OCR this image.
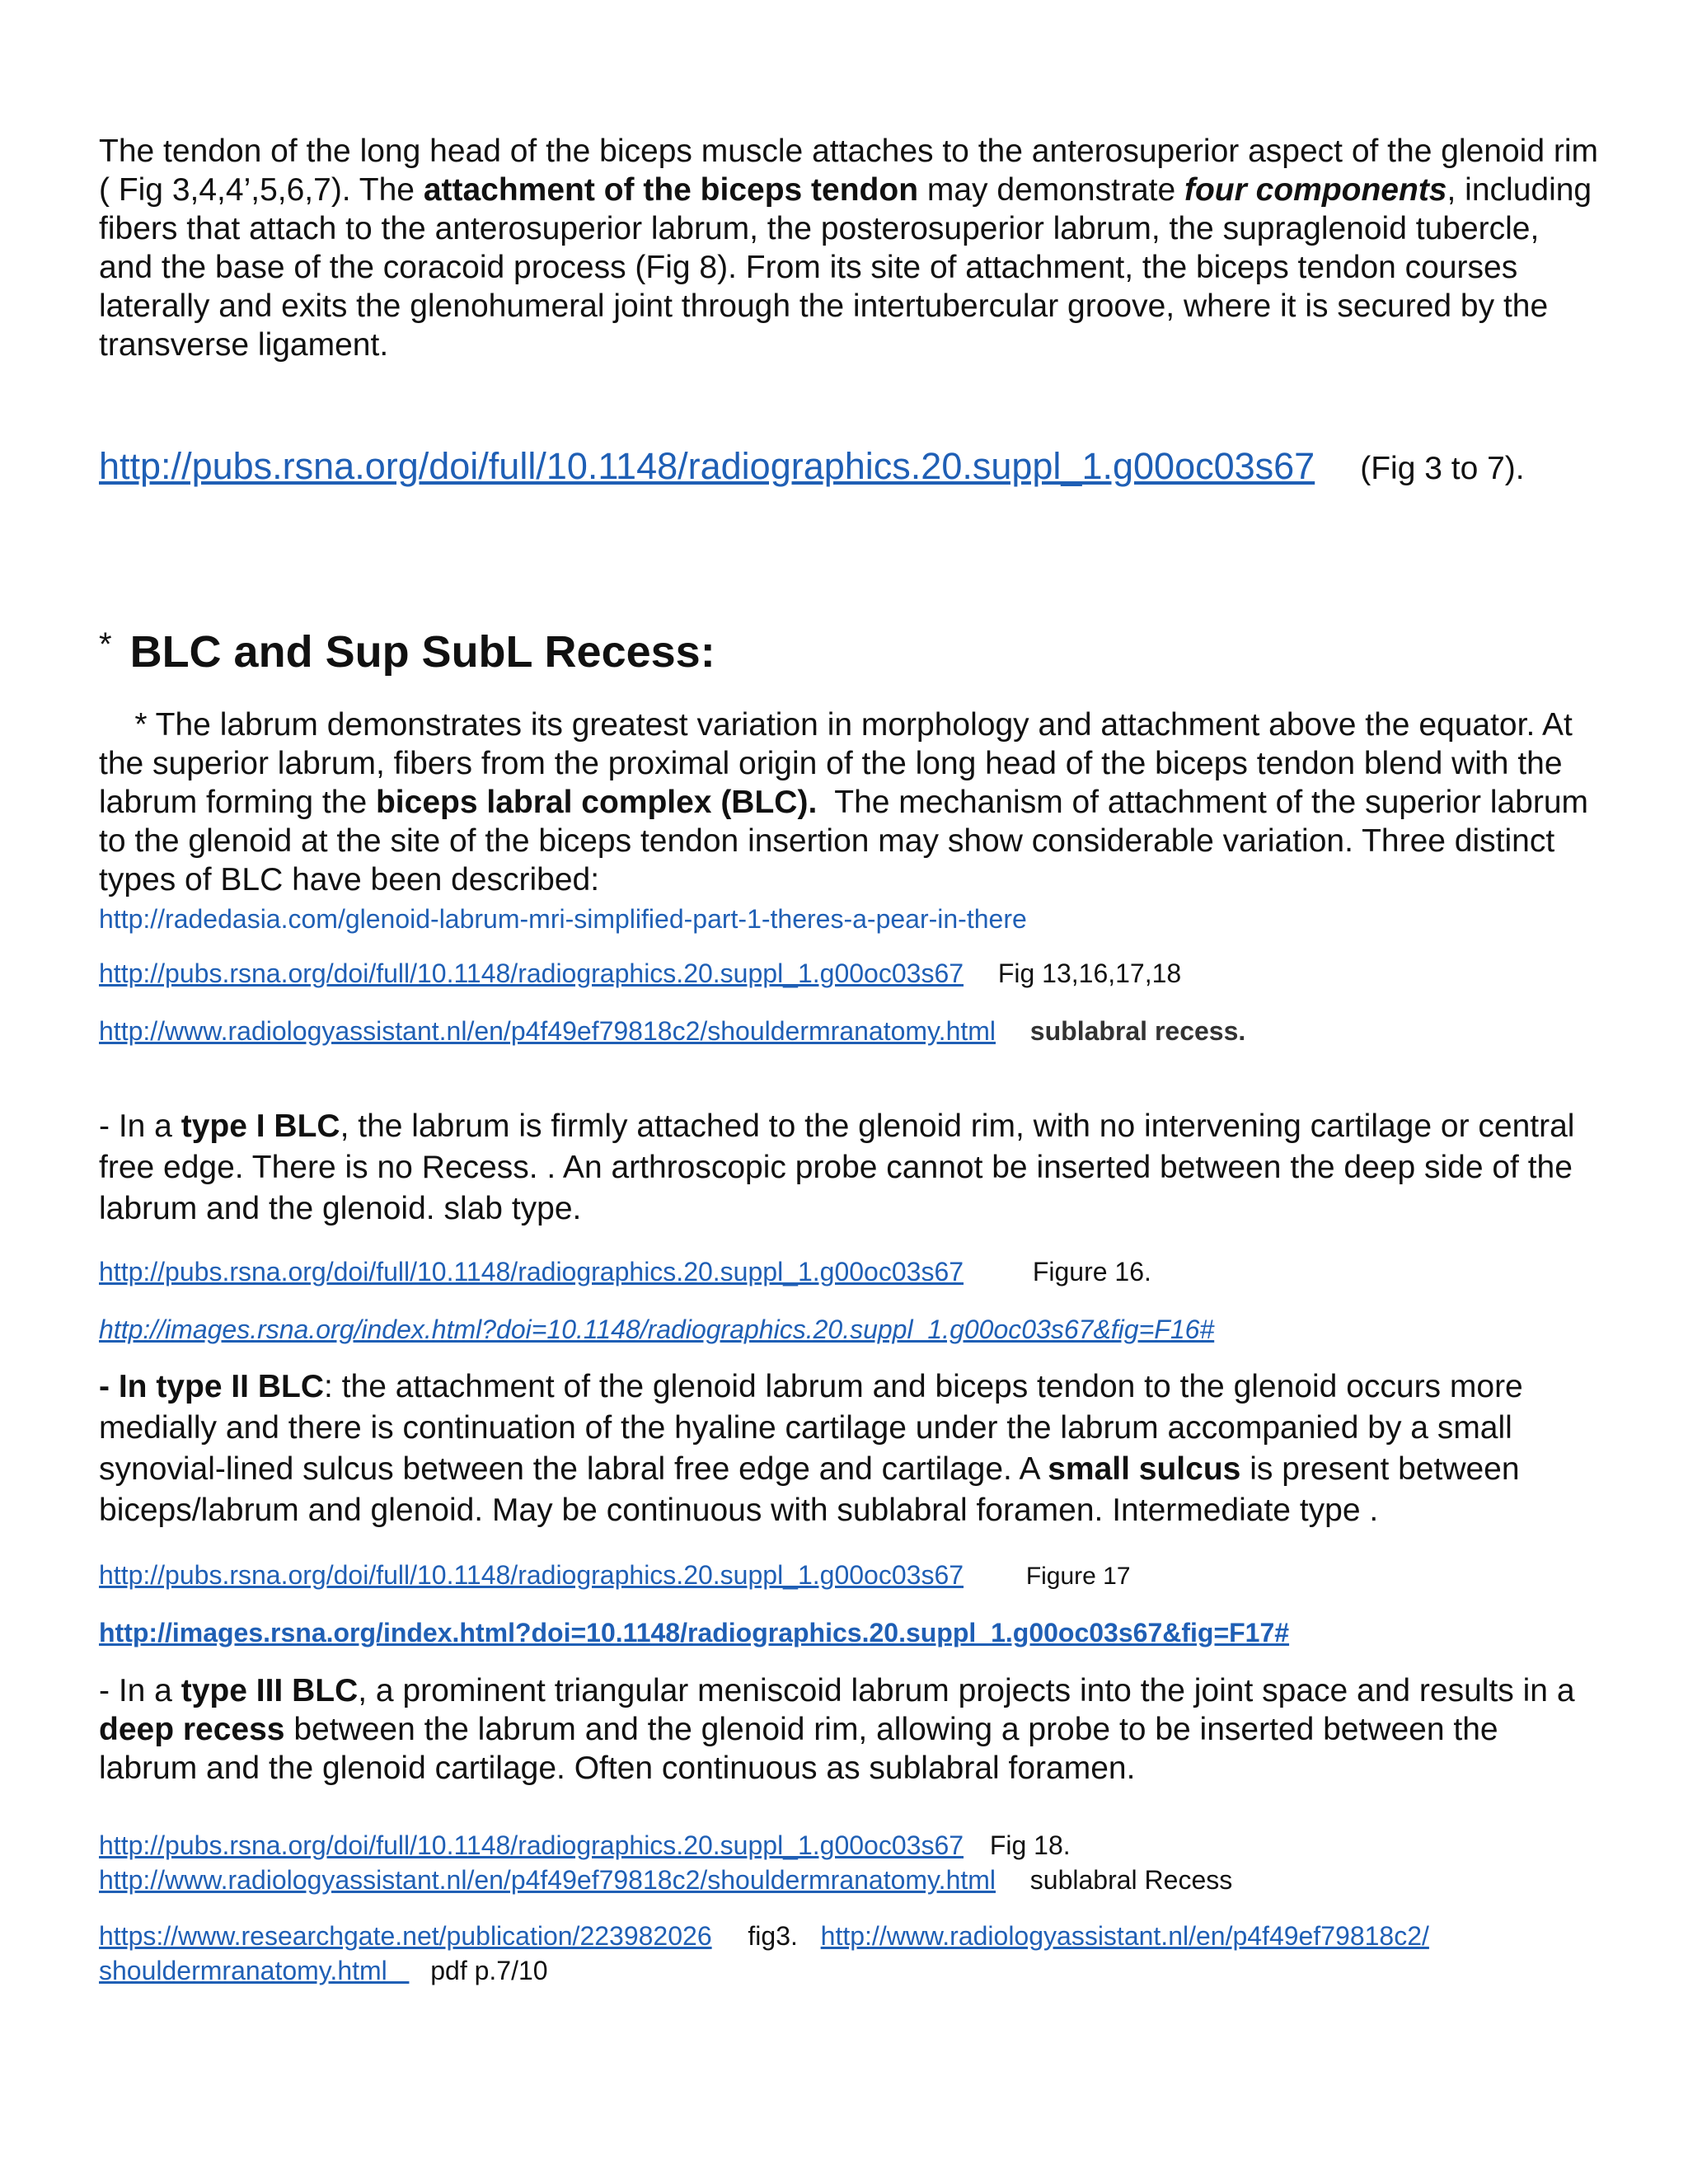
The tendon of the long head of the biceps muscle attaches to the anterosuperior aspect of the glenoid rim ( Fig 3,4,4’,5,6,7). The attachment of the biceps tendon may demonstrate four components, including fibers that attach to the anterosuperior labrum, the posterosuperior labrum, the supraglenoid tubercle, and the base of the coracoid process (Fig 8). From its site of attachment, the biceps tendon courses laterally and exits the glenohumeral joint through the intertubercular groove, where it is secured by the transverse ligament.

http://pubs.rsna.org/doi/full/10.1148/radiographics.20.suppl_1.g00oc03s67 (Fig 3 to 7).
* BLC and Sup SubL Recess:

* The labrum demonstrates its greatest variation in morphology and attachment above the equator. At the superior labrum, fibers from the proximal origin of the long head of the biceps tendon blend with the labrum forming the biceps labral complex (BLC).  The mechanism of attachment of the superior labrum to the glenoid at the site of the biceps tendon insertion may show considerable variation. Three distinct types of BLC have been described:

http://radedasia.com/glenoid-labrum-mri-simplified-part-1-theres-a-pear-in-there
http://pubs.rsna.org/doi/full/10.1148/radiographics.20.suppl_1.g00oc03s67 Fig 13,16,17,18
http://www.radiologyassistant.nl/en/p4f49ef79818c2/shouldermranatomy.html sublabral recess.

- In a type I BLC, the labrum is firmly attached to the glenoid rim, with no intervening cartilage or central free edge. There is no Recess. . An arthroscopic probe cannot be inserted between the deep side of the labrum and the glenoid. slab type.

http://pubs.rsna.org/doi/full/10.1148/radiographics.20.suppl_1.g00oc03s67	Figure 16.
http://images.rsna.org/index.html?doi=10.1148/radiographics.20.suppl_1.g00oc03s67&fig=F16#

- In type II BLC: the attachment of the glenoid labrum and biceps tendon to the glenoid occurs more medially and there is continuation of the hyaline cartilage under the labrum accompanied by a small synovial-lined sulcus between the labral free edge and cartilage. A small sulcus is present between biceps/labrum and glenoid. May be continuous with sublabral foramen. Intermediate type .

http://pubs.rsna.org/doi/full/10.1148/radiographics.20.suppl_1.g00oc03s67	Figure 17
http://images.rsna.org/index.html?doi=10.1148/radiographics.20.suppl_1.g00oc03s67&fig=F17#

- In a type III BLC, a prominent triangular meniscoid labrum projects into the joint space and results in a deep recess between the labrum and the glenoid rim, allowing a probe to be inserted between the labrum and the glenoid cartilage. Often continuous as sublabral foramen.

http://pubs.rsna.org/doi/full/10.1148/radiographics.20.suppl_1.g00oc03s67 Fig 18.
http://www.radiologyassistant.nl/en/p4f49ef79818c2/shouldermranatomy.html sublabral Recess
https://www.researchgate.net/publication/223982026 fig3. http://www.radiologyassistant.nl/en/p4f49ef79818c2/
shouldermranatomy.html     pdf p.7/10
